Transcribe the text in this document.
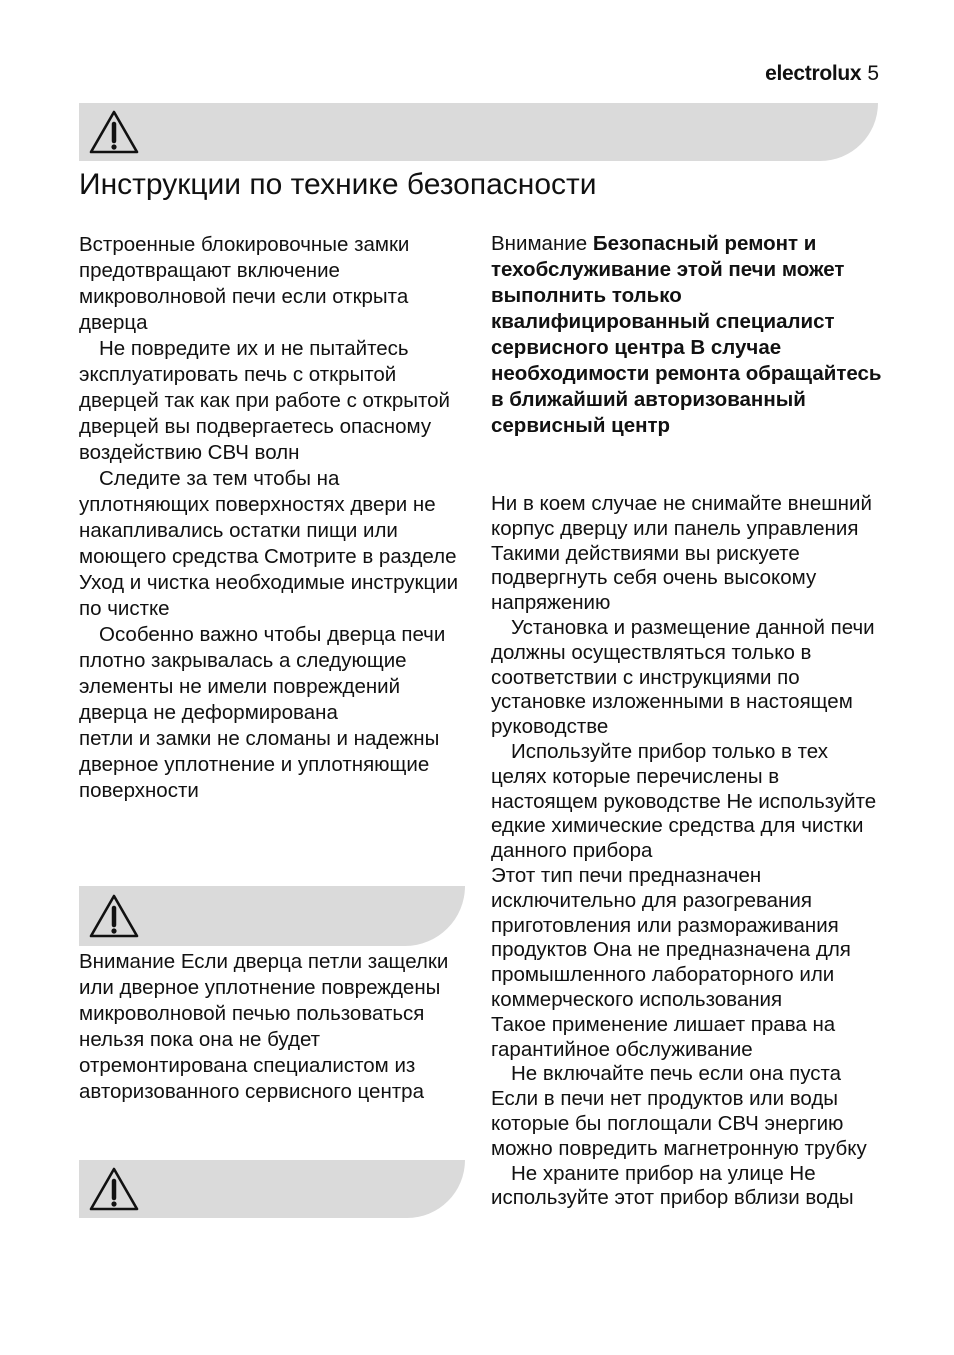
electrolux 5
Инструкции по технике безопасности

Встроенные блокировочные замки предотвращают включение микроволновой печи если открыта дверца

Не повредите их и не пытайтесь эксплуатировать печь с открытой дверцей так как при работе с открытой дверцей вы подвергаетесь опасному воздействию СВЧ волн

Следите за тем чтобы на уплотняющих поверхностях двери не накапливались остатки пищи или моющего средства Смотрите в разделе Уход и чистка необходимые инструкции по чистке

Особенно важно чтобы дверца печи плотно закрывалась а следующие элементы не имели повреждений

дверца не деформирована

петли и замки не сломаны и надежны

дверное уплотнение и уплотняющие поверхности

Внимание Безопасный ремонт и техобслуживание этой печи может выполнить только квалифицированный специалист сервисного центра В случае необходимости ремонта обращайтесь в ближайший авторизованный сервисный центр

Ни в коем случае не снимайте внешний корпус дверцу или панель управления Такими действиями вы рискуете подвергнуть себя очень высокому напряжению

Установка и размещение данной печи должны осуществляться только в соответствии с инструкциями по установке изложенными в настоящем руководстве

Используйте прибор только в тех целях которые перечислены в настоящем руководстве Не используйте едкие химические средства для чистки данного прибора

Этот тип печи предназначен исключительно для разогревания приготовления или размораживания продуктов Она не предназначена для промышленного лабораторного или коммерческого использования

Такое применение лишает права на гарантийное обслуживание

Не включайте печь если она пуста

Если в печи нет продуктов или воды которые бы поглощали СВЧ энергию можно повредить магнетронную трубку

Не храните прибор на улице Не используйте этот прибор вблизи воды

Внимание Если дверца петли защелки или дверное уплотнение повреждены микроволновой печью пользоваться нельзя пока она не будет отремонтирована специалистом из авторизованного сервисного центра
